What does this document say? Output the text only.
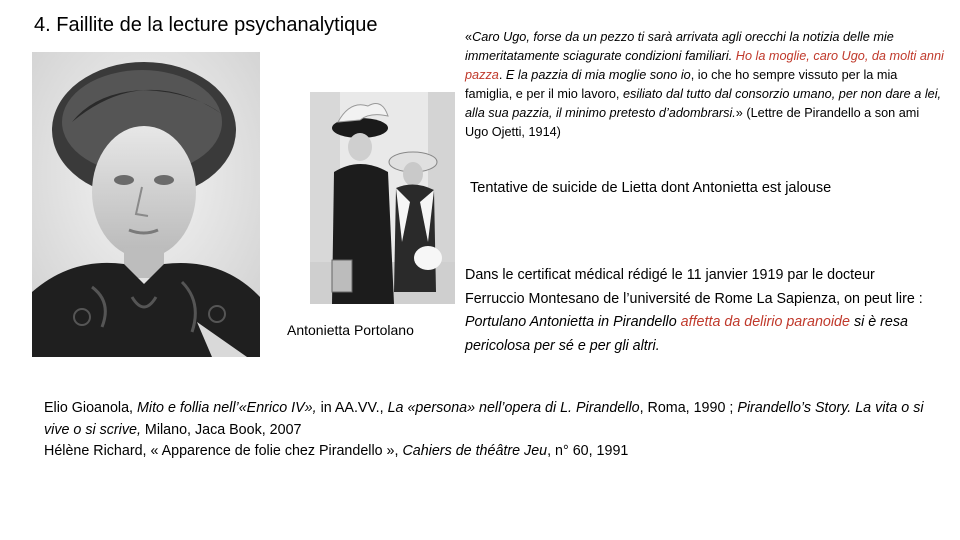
4. Faillite de la lecture psychanalytique
«Caro Ugo, forse da un pezzo ti sarà arrivata agli orecchi la notizia delle mie immeritatamente sciagurate condizioni familiari. Ho la moglie, caro Ugo, da molti anni pazza. E la pazzia di mia moglie sono io, io che ho sempre vissuto per la mia famiglia, e per il mio lavoro, esiliato dal tutto dal consorzio umano, per non dare a lei, alla sua pazzia, il minimo pretesto d’adombrarsi.» (Lettre de Pirandello a son ami Ugo Ojetti, 1914)
Tentative de suicide de Lietta dont Antonietta est jalouse
Antonietta Portolano
Dans le certificat médical rédigé le 11 janvier 1919 par le docteur Ferruccio Montesano de l’université de Rome La Sapienza, on peut lire : Portulano Antonietta in Pirandello affetta da delirio paranoide si è resa pericolosa per sé e per gli altri.
Elio Gioanola, Mito e follia nell’«Enrico IV», in AA.VV., La «persona» nell’opera di L. Pirandello, Roma, 1990 ; Pirandello’s Story. La vita o si vive o si scrive, Milano, Jaca Book, 2007
Hélène Richard, « Apparence de folie chez Pirandello », Cahiers de théâtre Jeu, n° 60, 1991
